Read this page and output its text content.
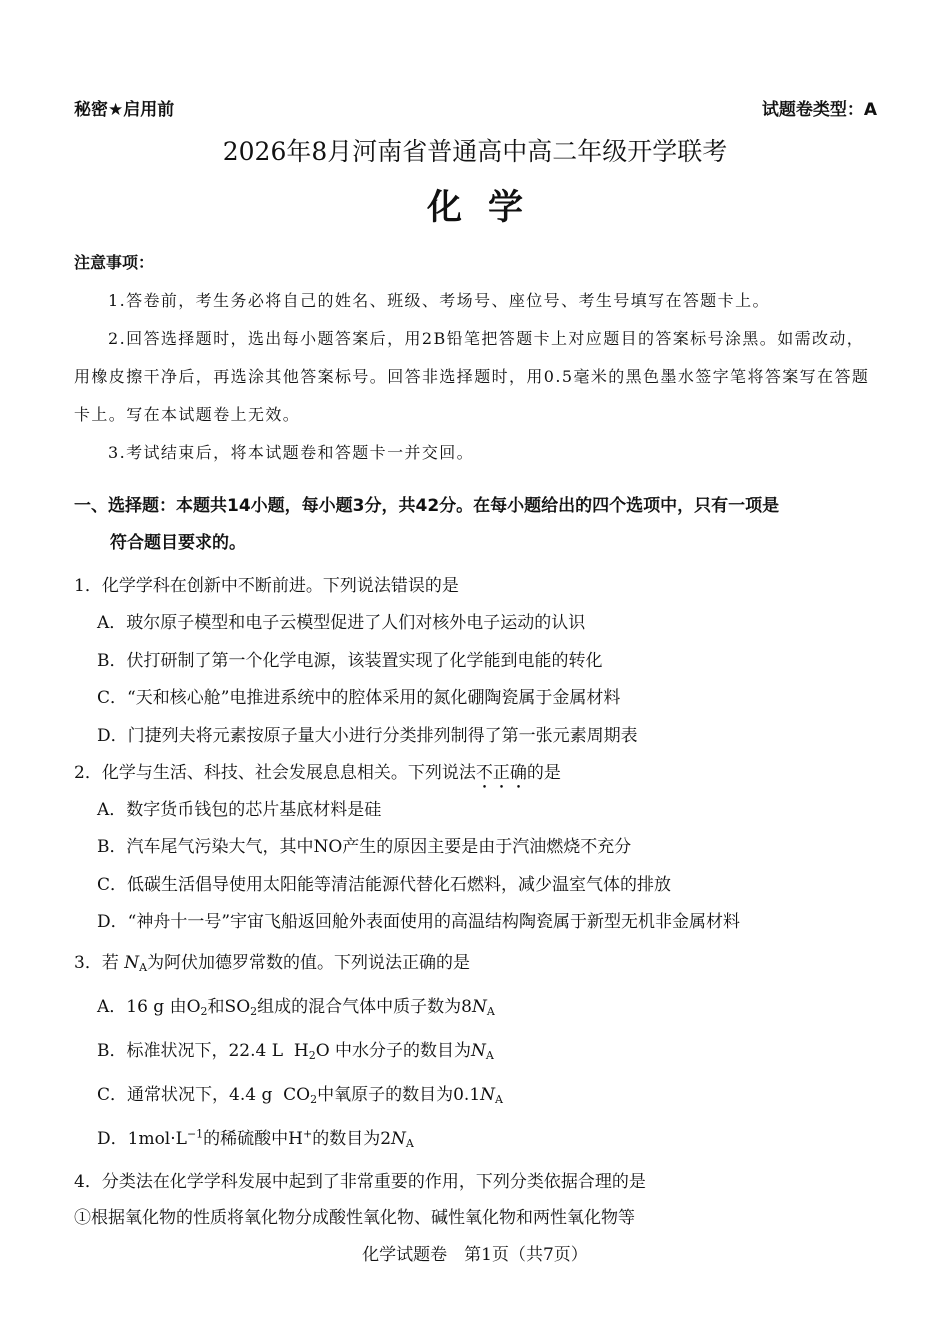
秘密★启用前	试题卷类型：A
2026年8月河南省普通高中高二年级开学联考
化学
注意事项：
1.答卷前，考生务必将自己的姓名、班级、考场号、座位号、考生号填写在答题卡上。
2.回答选择题时，选出每小题答案后，用2B铅笔把答题卡上对应题目的答案标号涂黑。如需改动，用橡皮擦干净后，再选涂其他答案标号。回答非选择题时，用0.5毫米的黑色墨水签字笔将答案写在答题卡上。写在本试题卷上无效。
3.考试结束后，将本试题卷和答题卡一并交回。
一、选择题：本题共14小题，每小题3分，共42分。在每小题给出的四个选项中，只有一项是
符合题目要求的。
1．化学学科在创新中不断前进。下列说法错误的是
A．玻尔原子模型和电子云模型促进了人们对核外电子运动的认识
B．伏打研制了第一个化学电源，该装置实现了化学能到电能的转化
C．“天和核心舱”电推进系统中的腔体采用的氮化硼陶瓷属于金属材料
D．门捷列夫将元素按原子量大小进行分类排列制得了第一张元素周期表
2．化学与生活、科技、社会发展息息相关。下列说法不正确的是
A．数字货币钱包的芯片基底材料是硅
B．汽车尾气污染大气，其中NO产生的原因主要是由于汽油燃烧不充分
C．低碳生活倡导使用太阳能等清洁能源代替化石燃料，减少温室气体的排放
D．“神舟十一号”宇宙飞船返回舱外表面使用的高温结构陶瓷属于新型无机非金属材料
3．若 $N_A$为阿伏加德罗常数的值。下列说法正确的是
A．16 g 由$O_2$和$SO_2$组成的混合气体中质子数为$8N_A$
B．标准状况下，22.4 L $H_2O$ 中水分子的数目为$N_A$
C．通常状况下，4.4 g $CO_2$中氧原子的数目为$0.1N_A$
D．$1mol\cdot L^{-1}$的稀硫酸中H+的数目为$2N_A$
4．分类法在化学学科发展中起到了非常重要的作用，下列分类依据合理的是
①根据氧化物的性质将氧化物分成酸性氧化物、碱性氧化物和两性氧化物等
化学试题卷　第1页（共7页）
